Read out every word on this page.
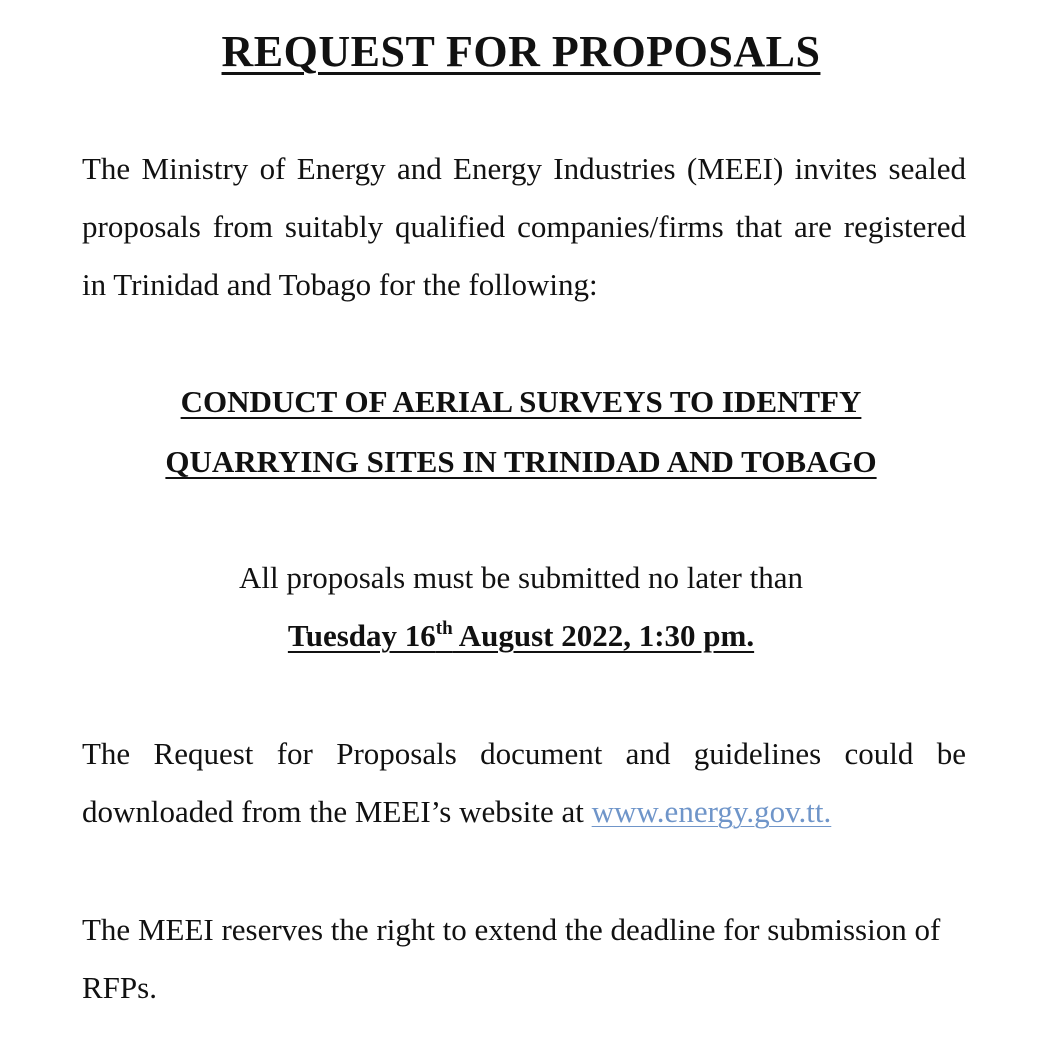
REQUEST FOR PROPOSALS
The Ministry of Energy and Energy Industries (MEEI) invites sealed proposals from suitably qualified companies/firms that are registered in Trinidad and Tobago for the following:
CONDUCT OF AERIAL SURVEYS TO IDENTFY
QUARRYING SITES IN TRINIDAD AND TOBAGO
All proposals must be submitted no later than
Tuesday 16th August 2022, 1:30 pm.
The Request for Proposals document and guidelines could be downloaded from the MEEI’s website at www.energy.gov.tt.
The MEEI reserves the right to extend the deadline for submission of RFPs.
